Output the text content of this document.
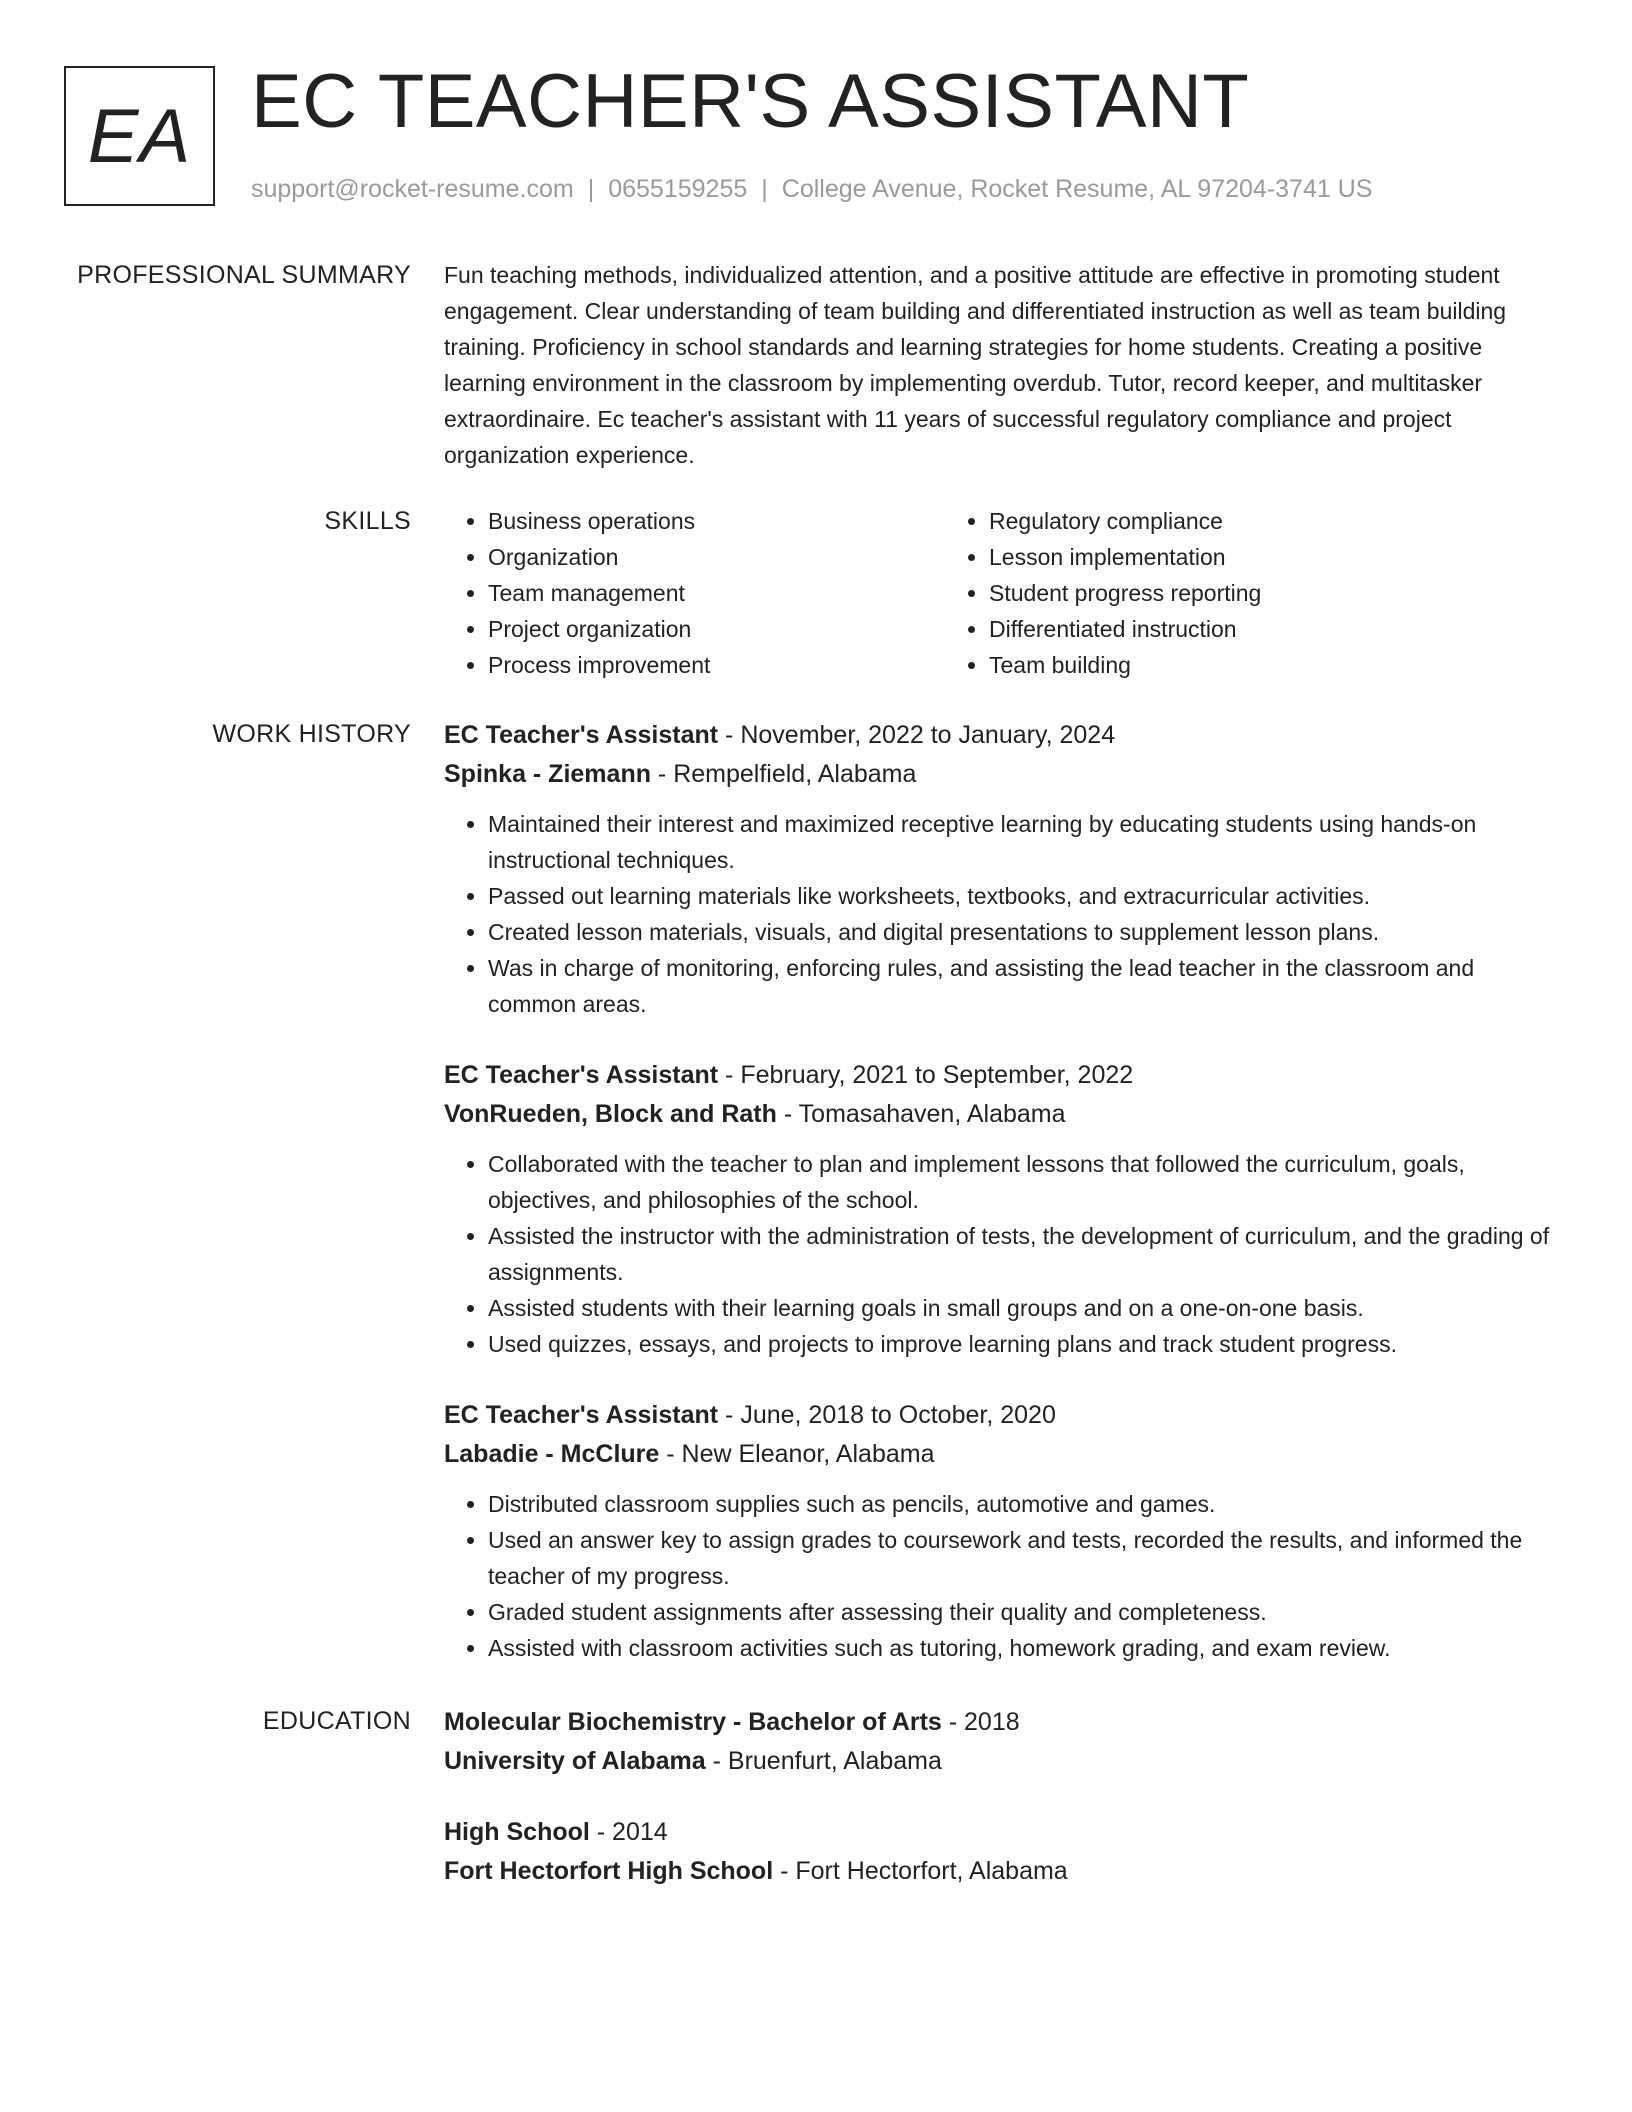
EA EC TEACHER'S ASSISTANT
support@rocket-resume.com | 0655159255 | College Avenue, Rocket Resume, AL 97204-3741 US
PROFESSIONAL SUMMARY Fun teaching methods, individualized attention, and a positive attitude are effective in promoting student engagement. Clear understanding of team building and differentiated instruction as well as team building training. Proficiency in school standards and learning strategies for home students. Creating a positive learning environment in the classroom by implementing overdub. Tutor, record keeper, and multitasker extraordinaire. Ec teacher's assistant with 11 years of successful regulatory compliance and project organization experience.

SKILLS
•	Business operations
• Organization
• Team management
• Project organization
• Process improvement
• Regulatory compliance
• Lesson implementation
• Student progress reporting
• Differentiated instruction
• Team building
WORK HISTORY EC Teacher's Assistant - November, 2022 to January, 2024
Spinka - Ziemann - Rempelfield, Alabama
• Maintained their interest and maximized receptive learning by educating students using hands-on instructional techniques.
• Passed out learning materials like worksheets, textbooks, and extracurricular activities.
• Created lesson materials, visuals, and digital presentations to supplement lesson plans.
• Was in charge of monitoring, enforcing rules, and assisting the lead teacher in the classroom and common areas.
EC Teacher's Assistant - February, 2021 to September, 2022
VonRueden, Block and Rath - Tomasahaven, Alabama
• Collaborated with the teacher to plan and implement lessons that followed the curriculum, goals, objectives, and philosophies of the school.
• Assisted the instructor with the administration of tests, the development of curriculum, and the grading of assignments.
• Assisted students with their learning goals in small groups and on a one-on-one basis.
• Used quizzes, essays, and projects to improve learning plans and track student progress.
EC Teacher's Assistant - June, 2018 to October, 2020
Labadie - McClure - New Eleanor, Alabama
• Distributed classroom supplies such as pencils, automotive and games.
• Used an answer key to assign grades to coursework and tests, recorded the results, and informed the teacher of my progress.
• Graded student assignments after assessing their quality and completeness.
• Assisted with classroom activities such as tutoring, homework grading, and exam review.
EDUCATION Molecular Biochemistry - Bachelor of Arts - 2018
University of Alabama - Bruenfurt, Alabama
High School - 2014
Fort Hectorfort High School - Fort Hectorfort, Alabama
